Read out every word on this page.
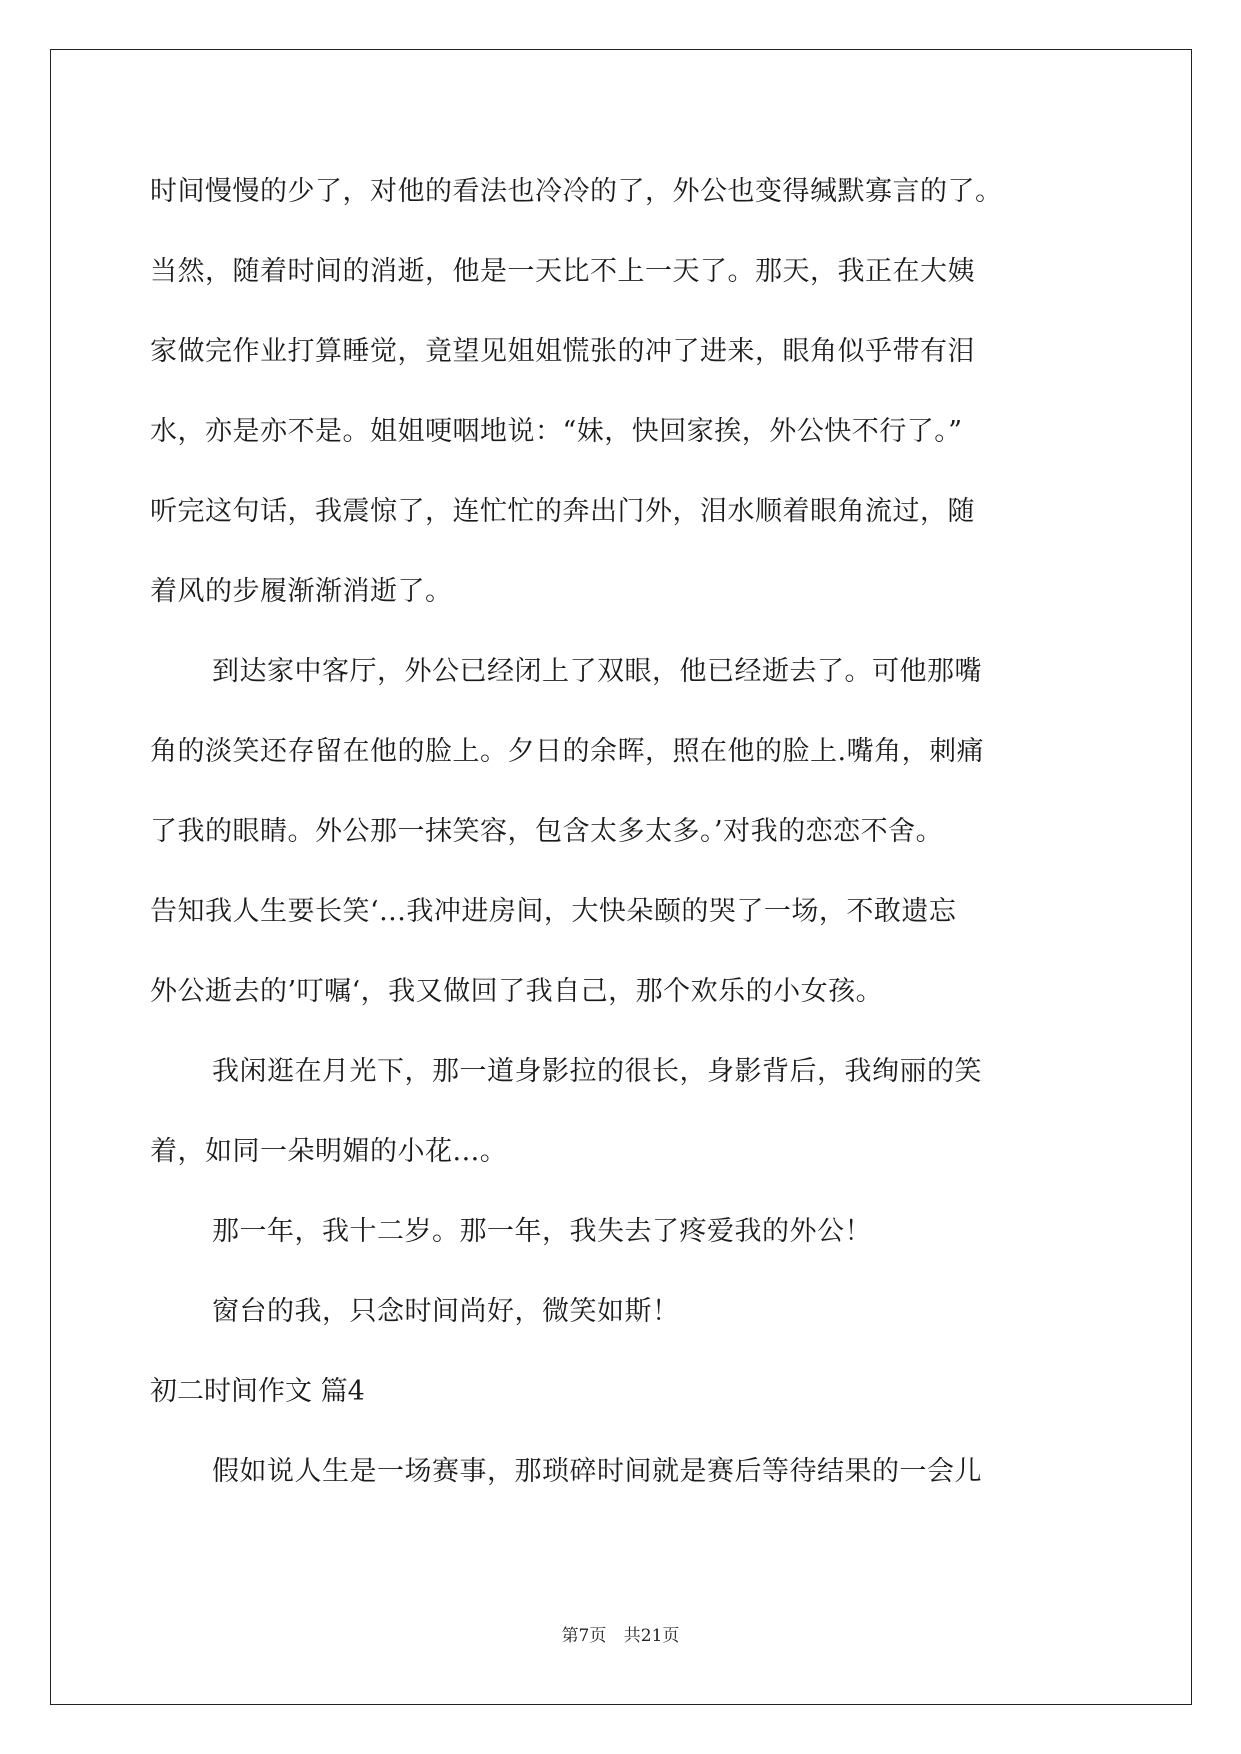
时间慢慢的少了，对他的看法也冷冷的了，外公也变得缄默寡言的了。
当然，随着时间的消逝，他是一天比不上一天了。那天，我正在大姨
家做完作业打算睡觉，竟望见姐姐慌张的冲了进来，眼角似乎带有泪
水，亦是亦不是。姐姐哽咽地说：“妹，快回家挨，外公快不行了。”
听完这句话，我震惊了，连忙忙的奔出门外，泪水顺着眼角流过，随
着风的步履渐渐消逝了。
到达家中客厅，外公已经闭上了双眼，他已经逝去了。可他那嘴
角的淡笑还存留在他的脸上。夕日的余晖，照在他的脸上.嘴角，刺痛
了我的眼睛。外公那一抹笑容，包含太多太多。’对我的恋恋不舍。
告知我人生要长笑‘...我冲进房间，大快朵颐的哭了一场，不敢遗忘
外公逝去的’叮嘱‘，我又做回了我自己，那个欢乐的小女孩。
我闲逛在月光下，那一道身影拉的很长，身影背后，我绚丽的笑
着，如同一朵明媚的小花...。
那一年，我十二岁。那一年，我失去了疼爱我的外公！
窗台的我，只念时间尚好，微笑如斯！
初二时间作文 篇4
假如说人生是一场赛事，那琐碎时间就是赛后等待结果的一会儿
第7页 共21页
